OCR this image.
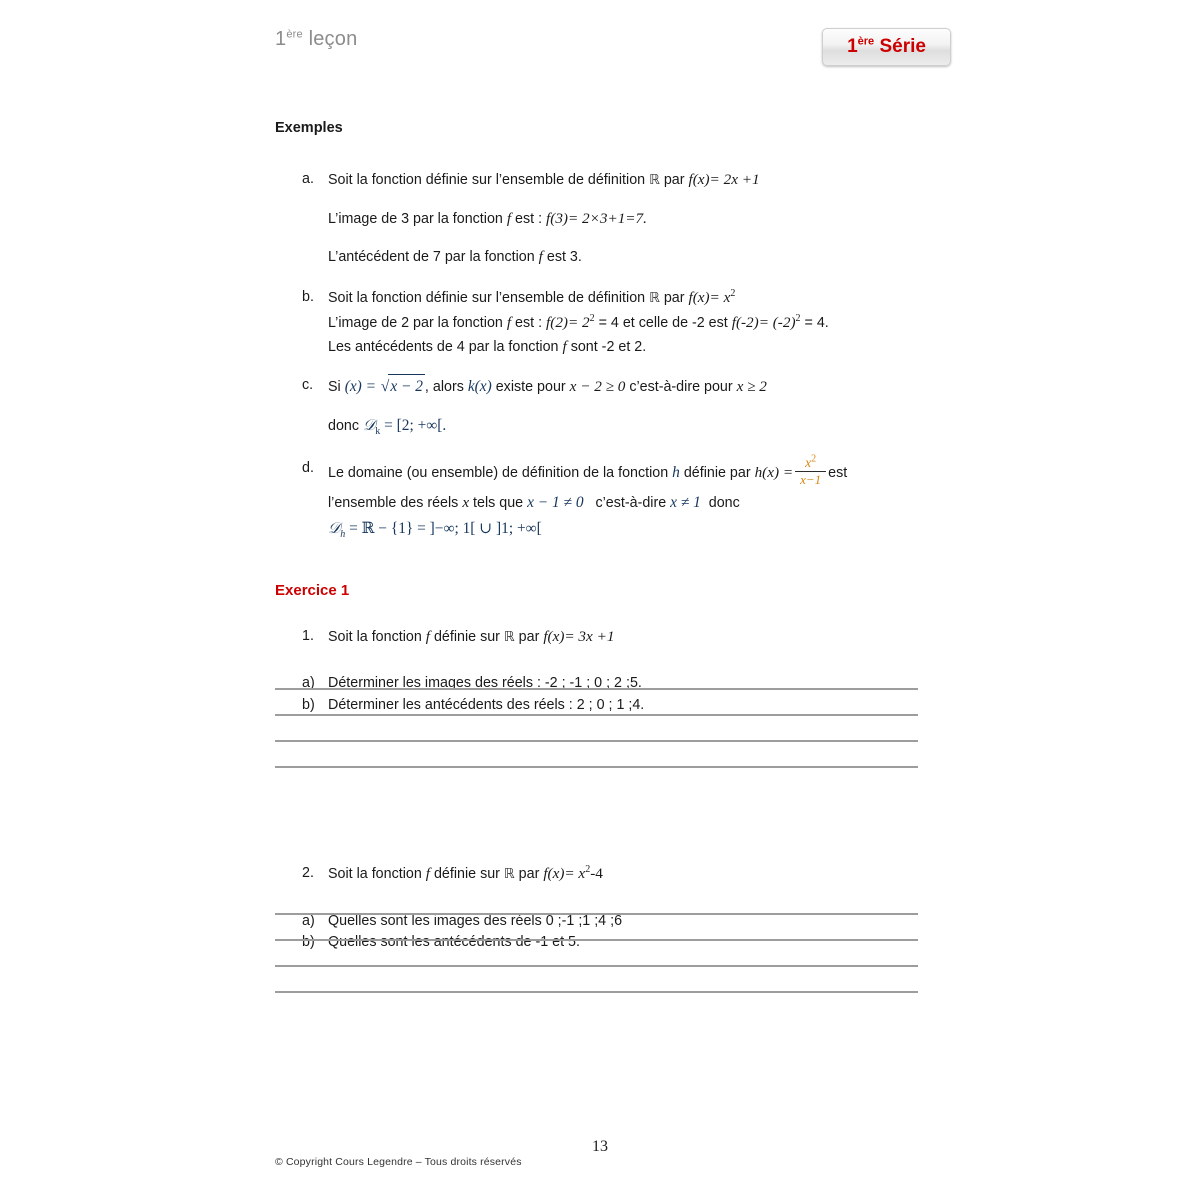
1ère leçon	1ère Série
Exemples
a. Soit la fonction définie sur l’ensemble de définition ℝ par f(x)= 2x +1

L’image de 3 par la fonction f est : f(3)= 2×3+1=7.

L’antécédent de 7 par la fonction f est 3.

b. Soit la fonction définie sur l’ensemble de définition ℝ par $f(x)= x^2$

L’image de 2 par la fonction f est : $f(2)= 2^2 = 4$ et celle de -2 est $f(-2)= (-2)^2 = 4$.

Les antécédents de 4 par la fonction f sont -2 et 2.

c.	Si (x) = √x − 2 , alors k(x) existe pour x − 2 ≥ 0 c’est-à-dire pour x ≥ 2

donc 𝒟$_k$ = [2; +∞[.

d. Le domaine (ou ensemble) de définition de la fonction h définie par $h(x) = \frac{x^2}{x-1}$ est

l’ensemble des réels x tels que x − 1 ≠ 0 c’est-à-dire x ≠ 1 donc

𝒟$_h$ = ℝ − {1} = ]−∞; 1[ ∪ ]1; +∞[

Exercice 1
1. Soit la fonction f définie sur ℝ par f(x)= 3x +1
a) Déterminer les images des réels : -2 ; -1 ; 0 ; 2 ;5.
b) Déterminer les antécédents des réels : 2 ; 0 ; 1 ;4.
2. Soit la fonction f définie sur ℝ par $f(x)= x^2-4$
a) Quelles sont les images des réels 0 ;-1 ;1 ;4 ;6
b) Quelles sont les antécédents de -1 et 5.
13
© Copyright Cours Legendre – Tous droits réservés
